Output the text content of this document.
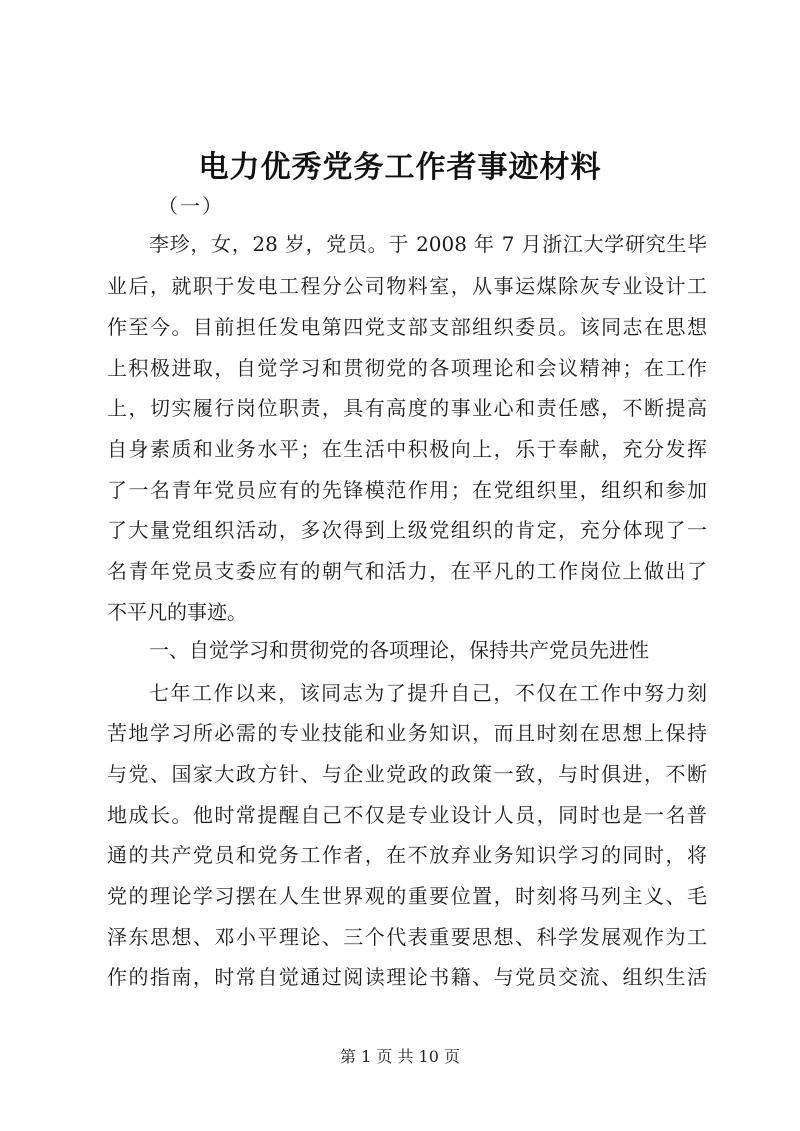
电力优秀党务工作者事迹材料
（一）
李珍，女，28 岁，党员。于 2008 年 7 月浙江大学研究生毕
业后，就职于发电工程分公司物料室，从事运煤除灰专业设计工
作至今。目前担任发电第四党支部支部组织委员。该同志在思想
上积极进取，自觉学习和贯彻党的各项理论和会议精神；在工作
上，切实履行岗位职责，具有高度的事业心和责任感，不断提高
自身素质和业务水平；在生活中积极向上，乐于奉献，充分发挥
了一名青年党员应有的先锋模范作用；在党组织里，组织和参加
了大量党组织活动，多次得到上级党组织的肯定，充分体现了一
名青年党员支委应有的朝气和活力，在平凡的工作岗位上做出了
不平凡的事迹。
一、自觉学习和贯彻党的各项理论，保持共产党员先进性
七年工作以来，该同志为了提升自己，不仅在工作中努力刻
苦地学习所必需的专业技能和业务知识，而且时刻在思想上保持
与党、国家大政方针、与企业党政的政策一致，与时俱进，不断
地成长。他时常提醒自己不仅是专业设计人员，同时也是一名普
通的共产党员和党务工作者，在不放弃业务知识学习的同时，将
党的理论学习摆在人生世界观的重要位置，时刻将马列主义、毛
泽东思想、邓小平理论、三个代表重要思想、科学发展观作为工
作的指南，时常自觉通过阅读理论书籍、与党员交流、组织生活
第 1 页 共 10 页
